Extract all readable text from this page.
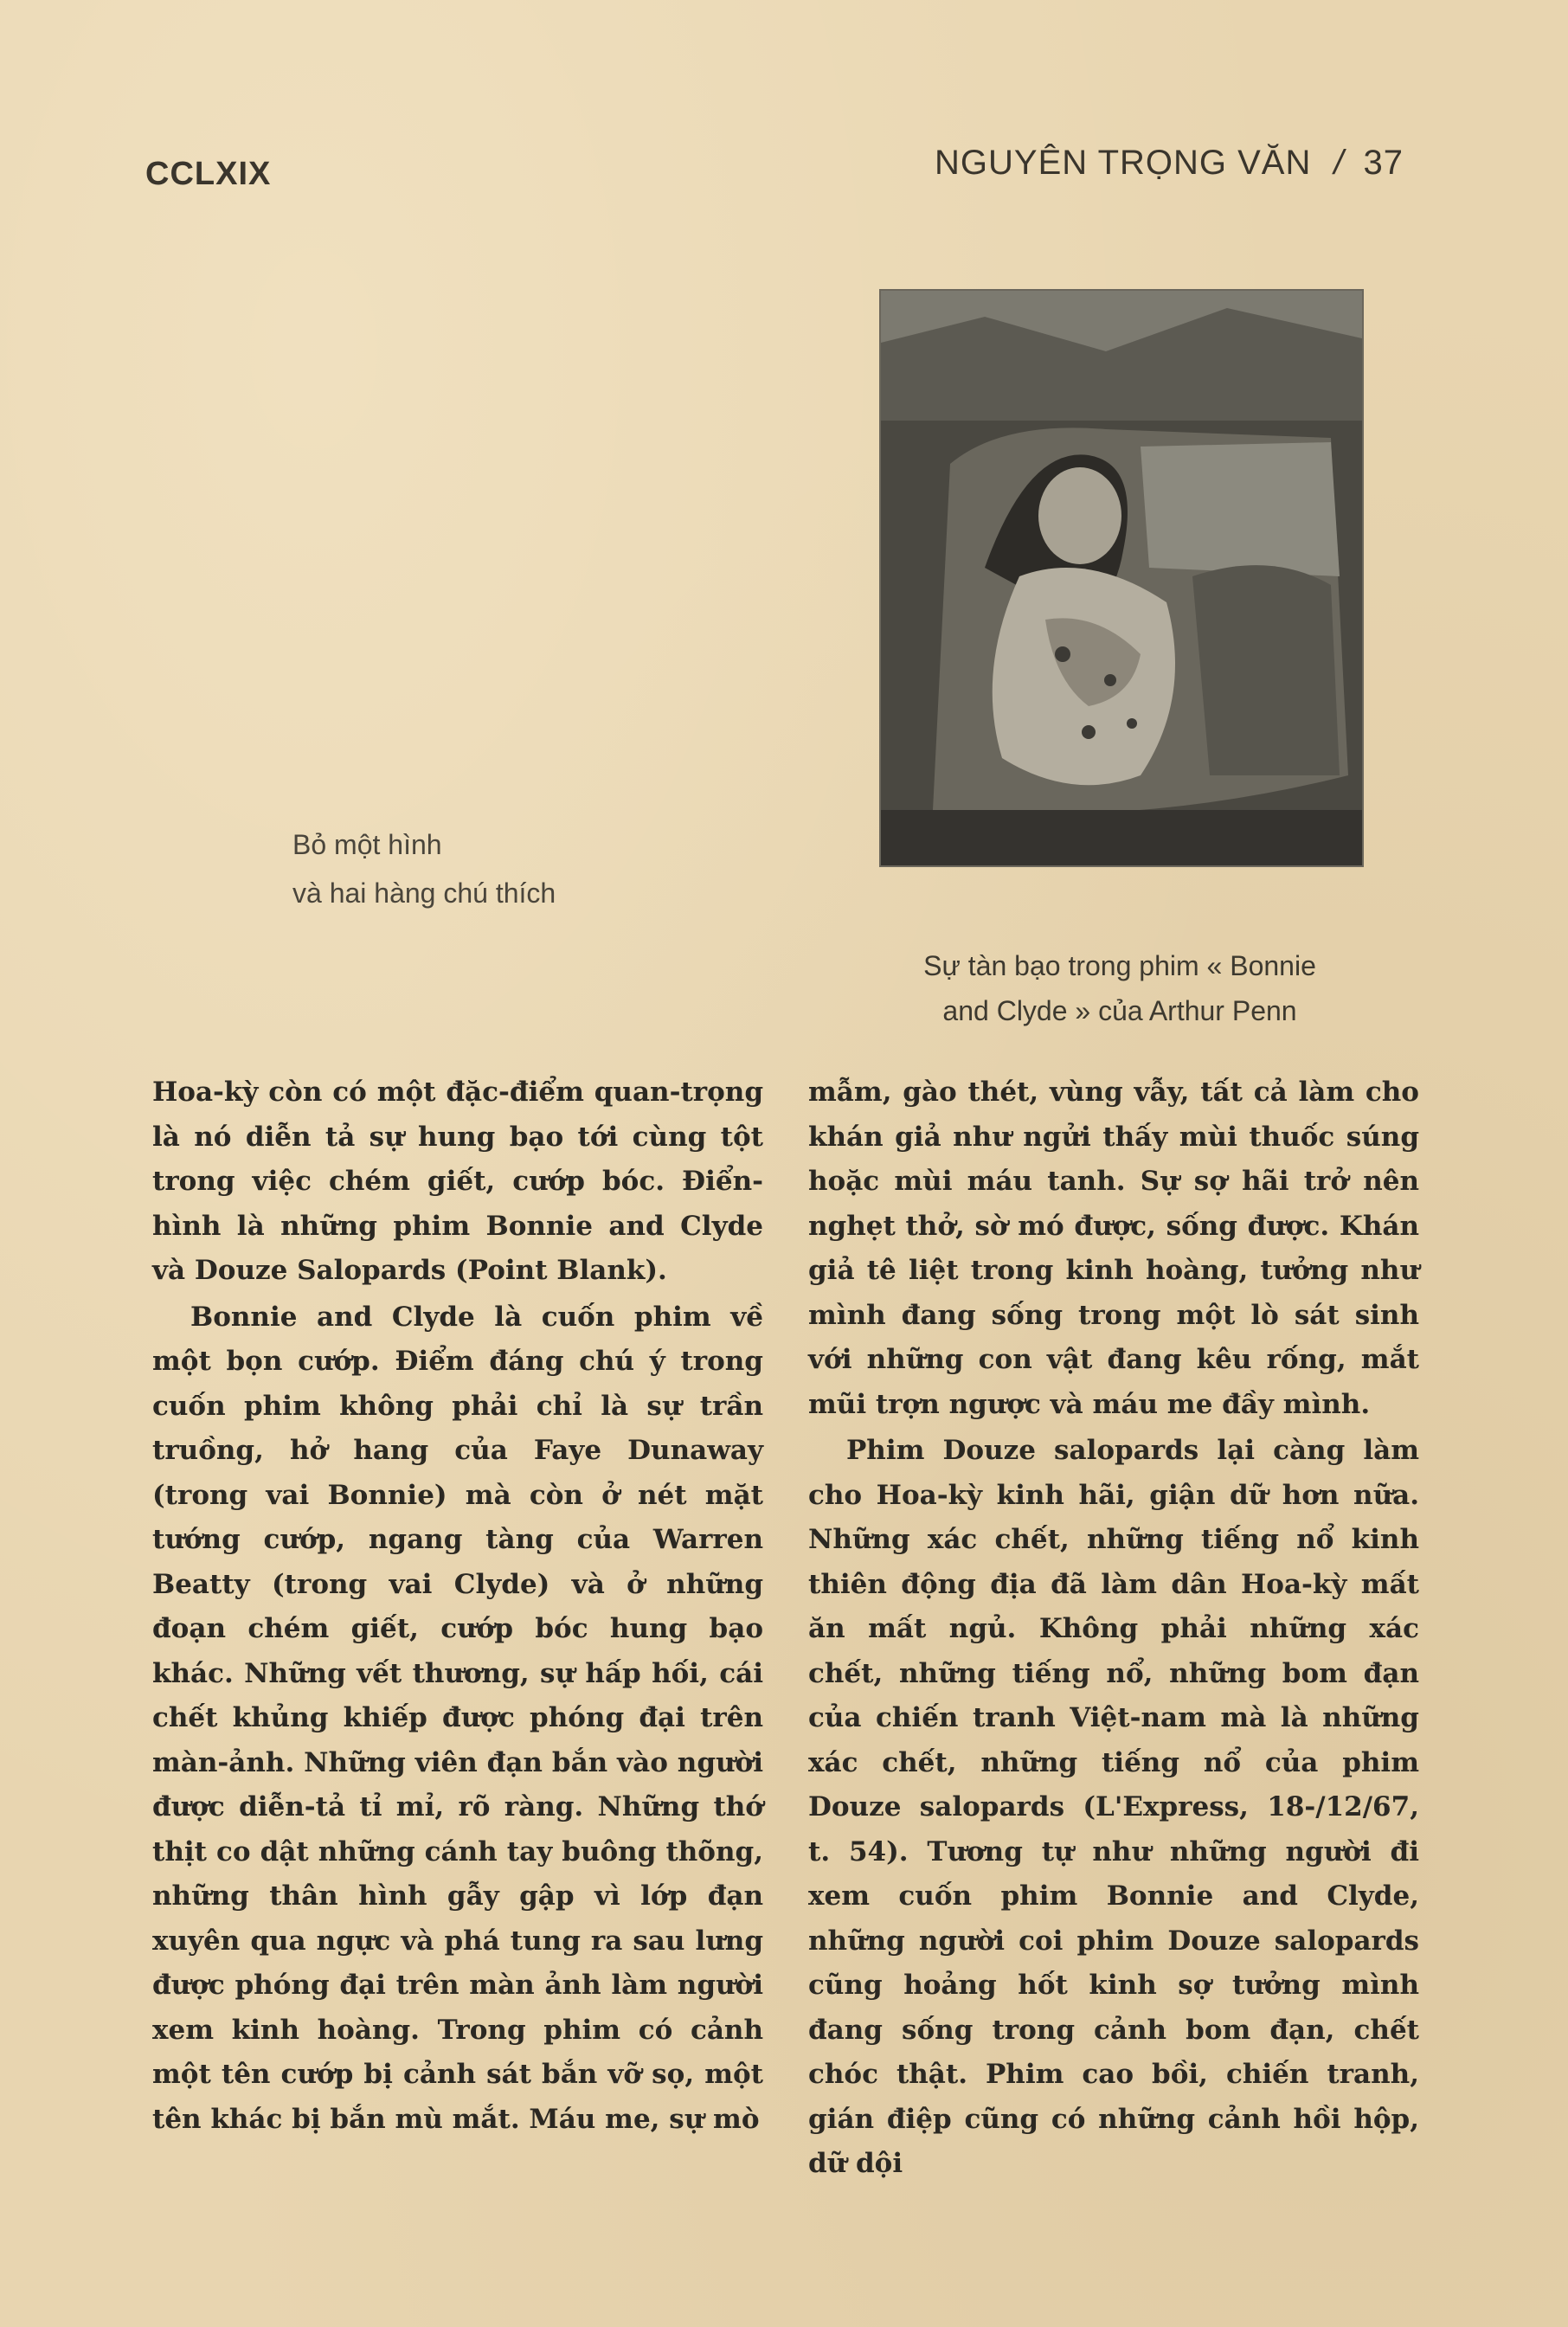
CCLXIX	NGUYÊN TRỌNG VĂN / 37
Bỏ một hình
và hai hàng chú thích
Sự tàn bạo trong phim « Bonnie
and Clyde » của Arthur Penn

Hoa-kỳ còn có một đặc-điểm quan-trọng là nó diễn tả sự hung bạo tới cùng tột trong việc chém giết, cướp bóc. Điển-hình là những phim Bonnie and Clyde và Douze Salopards (Point Blank).

Bonnie and Clyde là cuốn phim về một bọn cướp. Điểm đáng chú ý trong cuốn phim không phải chỉ là sự trần truồng, hở hang của Faye Dunaway (trong vai Bonnie) mà còn ở nét mặt tướng cướp, ngang tàng của Warren Beatty (trong vai Clyde) và ở những đoạn chém giết, cướp bóc hung bạo khác. Những vết thương, sự hấp hối, cái chết khủng khiếp được phóng đại trên màn-ảnh. Những viên đạn bắn vào người được diễn-tả tỉ mỉ, rõ ràng. Những thớ thịt co dật những cánh tay buông thõng, những thân hình gẫy gập vì lớp đạn xuyên qua ngực và phá tung ra sau lưng được phóng đại trên màn ảnh làm người xem kinh hoàng. Trong phim có cảnh một tên cướp bị cảnh sát bắn vỡ sọ, một tên khác bị bắn mù mắt. Máu me, sự mò

mẫm, gào thét, vùng vẫy, tất cả làm cho khán giả như ngửi thấy mùi thuốc súng hoặc mùi máu tanh. Sự sợ hãi trở nên nghẹt thở, sờ mó được, sống được. Khán giả tê liệt trong kinh hoàng, tưởng như mình đang sống trong một lò sát sinh với những con vật đang kêu rống, mắt mũi trợn ngược và máu me đầy mình.

Phim Douze salopards lại càng làm cho Hoa-kỳ kinh hãi, giận dữ hơn nữa. Những xác chết, những tiếng nổ kinh thiên động địa đã làm dân Hoa-kỳ mất ăn mất ngủ. Không phải những xác chết, những tiếng nổ, những bom đạn của chiến tranh Việt-nam mà là những xác chết, những tiếng nổ của phim Douze salopards (L'Express, 18-/12/67, t. 54). Tương tự như những người đi xem cuốn phim Bonnie and Clyde, những người coi phim Douze salopards cũng hoảng hốt kinh sợ tưởng mình đang sống trong cảnh bom đạn, chết chóc thật. Phim cao bồi, chiến tranh, gián điệp cũng có những cảnh hồi hộp, dữ dội
